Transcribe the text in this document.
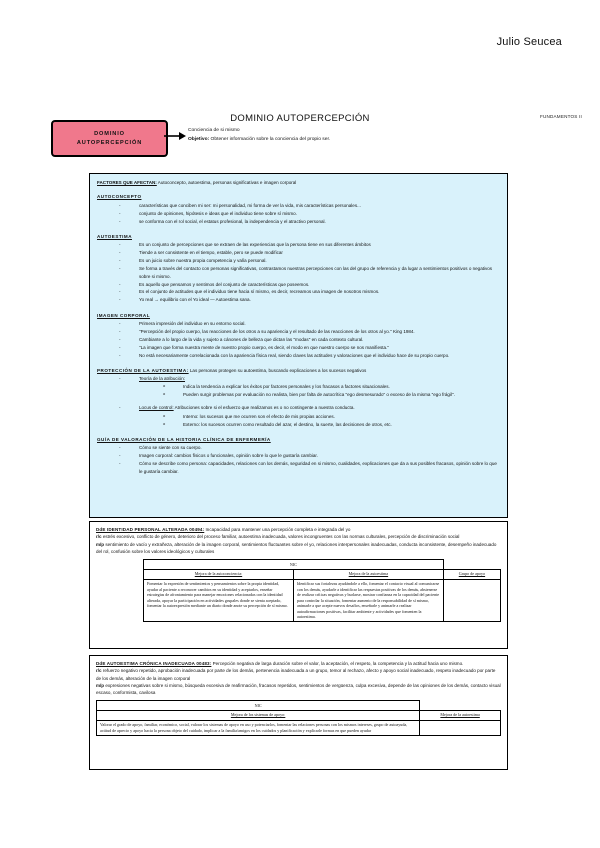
Julio Seucea
DOMINIO AUTOPERCEPCIÓN	FUNDAMENTOS II
DOMINIO
AUTOPERCEPCIÓN
Conciencia de si mismo
Objetivo: Obtener información sobre la conciencia del propio ser.

FACTORES QUE AFECTAN: Autoconcepto, autoestima, personas significativas e imagen corporal

AUTOCONCEPTO
- características que conciben mi ser: mi personalidad, mi forma de ver la vida, mis características personales...
- conjunto de opiniones, hipótesis e ideas que el individuo tiene sobre sí mismo.
- se conforma con el rol social, el estatus profesional, la independencia y el atractivo personal.
AUTOESTIMA
- Es un conjunto de percepciones que se extraen de las experiencias que la persona tiene en sus diferentes ámbitos
- Tiende a ser consistente en el tiempo, estable, pero se puede modificar
- Es un juicio sobre nuestra propia competencia y valía personal.
- Se forma a través del contacto con personas significativas, contrastamos nuestras percepciones con las del grupo de referencia y da lugar a sentimientos positivos o negativos sobre si mismo.
- Es aquello que pensamos y sentimos del conjunto de características que poseemos.
- Es el conjunto de actitudes que el individuo tiene hacia sí mismo, es decir, recreamos una imagen de nosotros mismos.
- Yo real → equilibrio con el Yo ideal — Autoestima sana.
IMAGEN CORPORAL
- Primera impresión del individuo en su entorno social.
- "Percepción del propio cuerpo, las reacciones de los otros a su apariencia y el resultado de las reacciones de los otros al yo." King 1984.
- Cambiante a lo largo de la vida y sujeto a cánones de belleza que dictan las "modas" en cada contexto cultural.
- "La imagen que forma nuestra mente de nuestro propio cuerpo, es decir, el modo en que nuestro cuerpo se nos manifiesta."
- No está necesariamente correlacionada con la apariencia física real, siendo claves las actitudes y valoraciones que el individuo hace de su propio cuerpo.
PROTECCIÓN DE LA AUTOESTIMA: Las personas protegen su autoestima, buscando explicaciones a los sucesos negativos
- Teoría de la atribución:
o Indica la tendencia a explicar los éxitos por factores personales y los fracasos a factores situacionales.
o Pueden surgir problemas por evaluación no realista, bien por falta de autocrítica "ego desmesurado" o exceso de la misma "ego frágil".
- Locus de control: Atribuciones sobre si el esfuerzo que realizamos es o no contingente a nuestra conducta.
o Interno: los sucesos que me ocurren son el efecto de mis propias acciones.
o Externo: los sucesos ocurren como resultado del azar, el destino, la suerte, las decisiones de otros, etc.
GUÍA DE VALORACIÓN DE LA HISTORIA CLÍNICA DE ENFERMERÍA
- Cómo se siente con su cuerpo.
- Imagen corporal: cambios físicos o funcionales, opinión sobre lo que le gustaría cambiar.
- Cómo se describe como persona: capacidades, relaciones con los demás, seguridad en si mismo, cualidades, explicaciones que da a sus posibles fracasos, opinión sobre lo que le gustaría cambiar.

DdE IDENTIDAD PERSONAL ALTERADA 00494: Incapacidad para mantener una percepción completa e integrada del yo

r/c estrés excesivo, conflicto de género, deterioro del proceso familiar, autoestima inadecuada, valores incongruentes con las normas culturales, percepción de discriminación social

m/p sentimiento de vacío y extrañeza, alteración de la imagen corporal, sentimientos fluctuantes sobre el yo, relaciones interpersonales inadecuadas, conducta inconsistente, desempeño inadecuado del rol, confusión sobre los valores ideológicos y culturales

NIC		
Mejora de la autoconciencia:	Mejora de la autoestima	Grupo de apoyo
Fomentar la expresión de sentimientos y pensamientos sobre la propia identidad, ayudar al paciente a reconocer cambios en su identidad y aceptarlos, enseñar estrategias de afrontamiento para manejar emociones relacionadas con la identidad alterada, apoyar la participación en actividades grupales donde se sienta aceptado, fomentar la autoexpresión mediante un diario donde anote su percepción de sí mismo.	Identificar sus fortalezas ayudándole a ello, fomentar el contacto visual al comunicarse con los demás, ayudarle a identificar las respuestas positivas de los demás, abstenerse de realizar críticas negativas y burlarse, mostrar confianza en la capacidad del paciente para controlar la situación, fomentar aumento de la responsabilidad de sí mismo, animarle a que acepte nuevos desafíos, enseñarle y animarle a realizar autoafirmaciones positivas, facilitar ambiente y actividades que fomenten la autoestima.	

DdE AUTOESTIMA CRÓNICA INADECUADA 00483: Percepción negativa de larga duración sobre el valor, la aceptación, el respeto, la competencia y la actitud hacia uno mismo.

r/c refuerzo negativo repetido, aprobación inadecuada por parte de los demás, pertenencia inadecuada a un grupo, temor al rechazo, afecto y apoyo social inadecuado, respeto inadecuado por parte de los demás, alteración de la imagen corporal

m/p expresiones negativas sobre si mismo, búsqueda excesiva de reafirmación, fracasos repetidos, sentimientos de vergüenza, culpa excesiva, depende de las opiniones de los demás, contacto visual escaso, conformista, cavilosa

NIC	
Mejora de los sistemas de apoyo:	Mejora de la autoestima
Valorar el grado de apoyo, familiar, económico, social, valorar los sistemas de apoyo en uso y potenciarlos, fomentar las relaciones personas con los mismos intereses, grupo de autoayuda, actitud de aprecio y apoyo hacia la persona objeto del cuidado, implicar a la familia/amigos en los cuidados y planificación y explicarle formas en que pueden ayudar	
